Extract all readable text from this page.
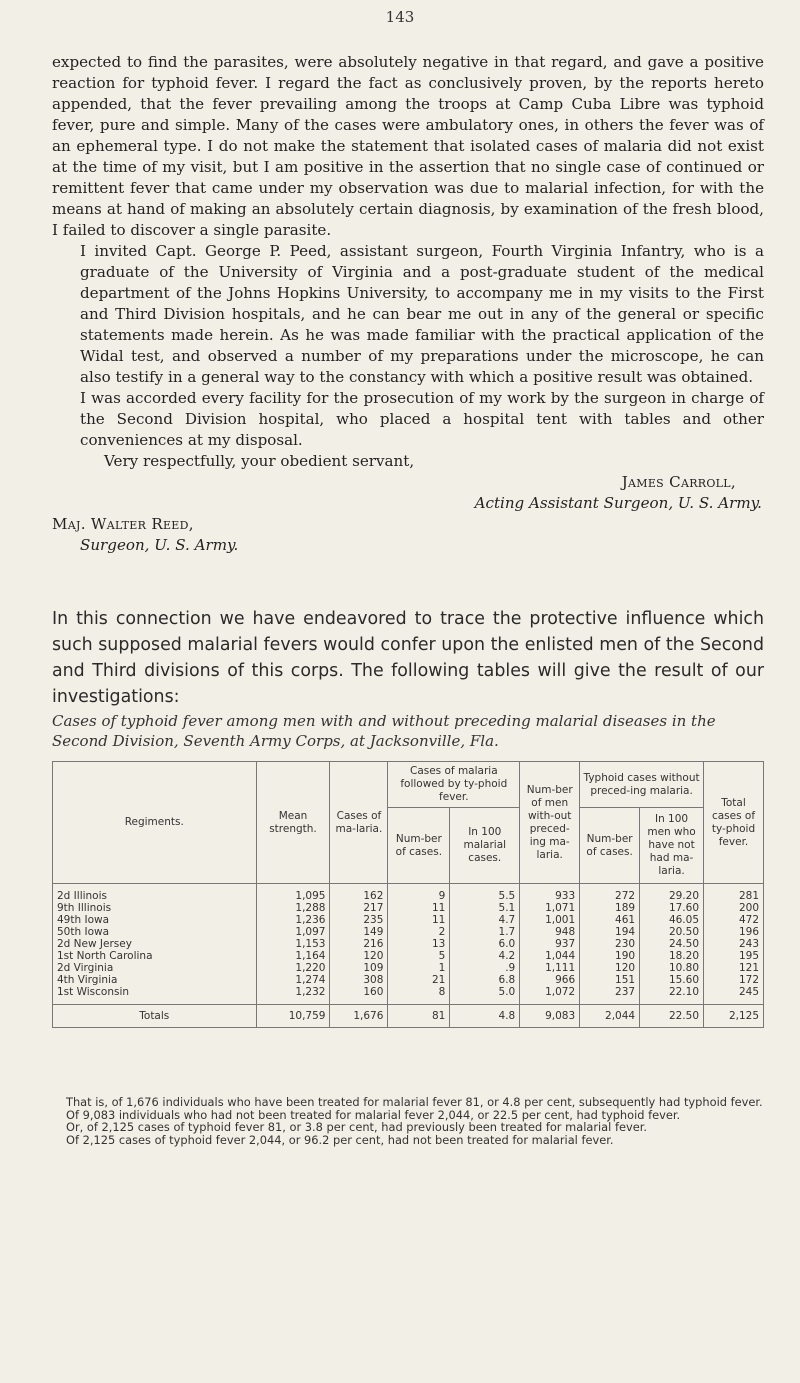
143

expected to find the parasites, were absolutely negative in that regard, and gave a positive reaction for typhoid fever. I regard the fact as conclusively proven, by the reports hereto appended, that the fever prevailing among the troops at Camp Cuba Libre was typhoid fever, pure and simple. Many of the cases were ambulatory ones, in others the fever was of an ephemeral type. I do not make the statement that isolated cases of malaria did not exist at the time of my visit, but I am positive in the assertion that no single case of continued or remittent fever that came under my observation was due to malarial infection, for with the means at hand of making an absolutely certain diagnosis, by examination of the fresh blood, I failed to discover a single parasite.

I invited Capt. George P. Peed, assistant surgeon, Fourth Virginia Infantry, who is a graduate of the University of Virginia and a post-graduate student of the medical department of the Johns Hopkins University, to accompany me in my visits to the First and Third Division hospitals, and he can bear me out in any of the general or specific statements made herein. As he was made familiar with the practical application of the Widal test, and observed a number of my preparations under the microscope, he can also testify in a general way to the constancy with which a positive result was obtained.

I was accorded every facility for the prosecution of my work by the surgeon in charge of the Second Division hospital, who placed a hospital tent with tables and other conveniences at my disposal.

Very respectfully, your obedient servant,
James Carroll,
Acting Assistant Surgeon, U. S. Army.
Maj. Walter Reed,
Surgeon, U. S. Army.
In this connection we have endeavored to trace the protective influence which such supposed malarial fevers would confer upon the enlisted men of the Second and Third divisions of this corps. The following tables will give the result of our investigations:
Cases of typhoid fever among men with and without preceding malarial diseases in the Second Division, Seventh Army Corps, at Jacksonville, Fla.
Regiments.	Mean strength.	Cases of ma-laria.	Cases of malaria followed by ty-phoid fever.		Num-ber of men with-out preced-ing ma-laria.	Typhoid cases without preced-ing malaria.		Total cases of ty-phoid fever.
			Num-ber of cases.	In 100 malarial cases.		Num-ber of cases.	In 100 men who have not had ma-laria.	
2d Illinois	1,095	162	9	5.5	933	272	29.20	281
9th Illinois	1,288	217	11	5.1	1,071	189	17.60	200
49th Iowa	1,236	235	11	4.7	1,001	461	46.05	472
50th Iowa	1,097	149	2	1.7	948	194	20.50	196
2d New Jersey	1,153	216	13	6.0	937	230	24.50	243
1st North Carolina	1,164	120	5	4.2	1,044	190	18.20	195
2d Virginia	1,220	109	1	.9	1,111	120	10.80	121
4th Virginia	1,274	308	21	6.8	966	151	15.60	172
1st Wisconsin	1,232	160	8	5.0	1,072	237	22.10	245
Totals	10,759	1,676	81	4.8	9,083	2,044	22.50	2,125

That is, of 1,676 individuals who have been treated for malarial fever 81, or 4.8 per cent, subsequently had typhoid fever.

Of 9,083 individuals who had not been treated for malarial fever 2,044, or 22.5 per cent, had typhoid fever.

Or, of 2,125 cases of typhoid fever 81, or 3.8 per cent, had previously been treated for malarial fever.

Of 2,125 cases of typhoid fever 2,044, or 96.2 per cent, had not been treated for malarial fever.
